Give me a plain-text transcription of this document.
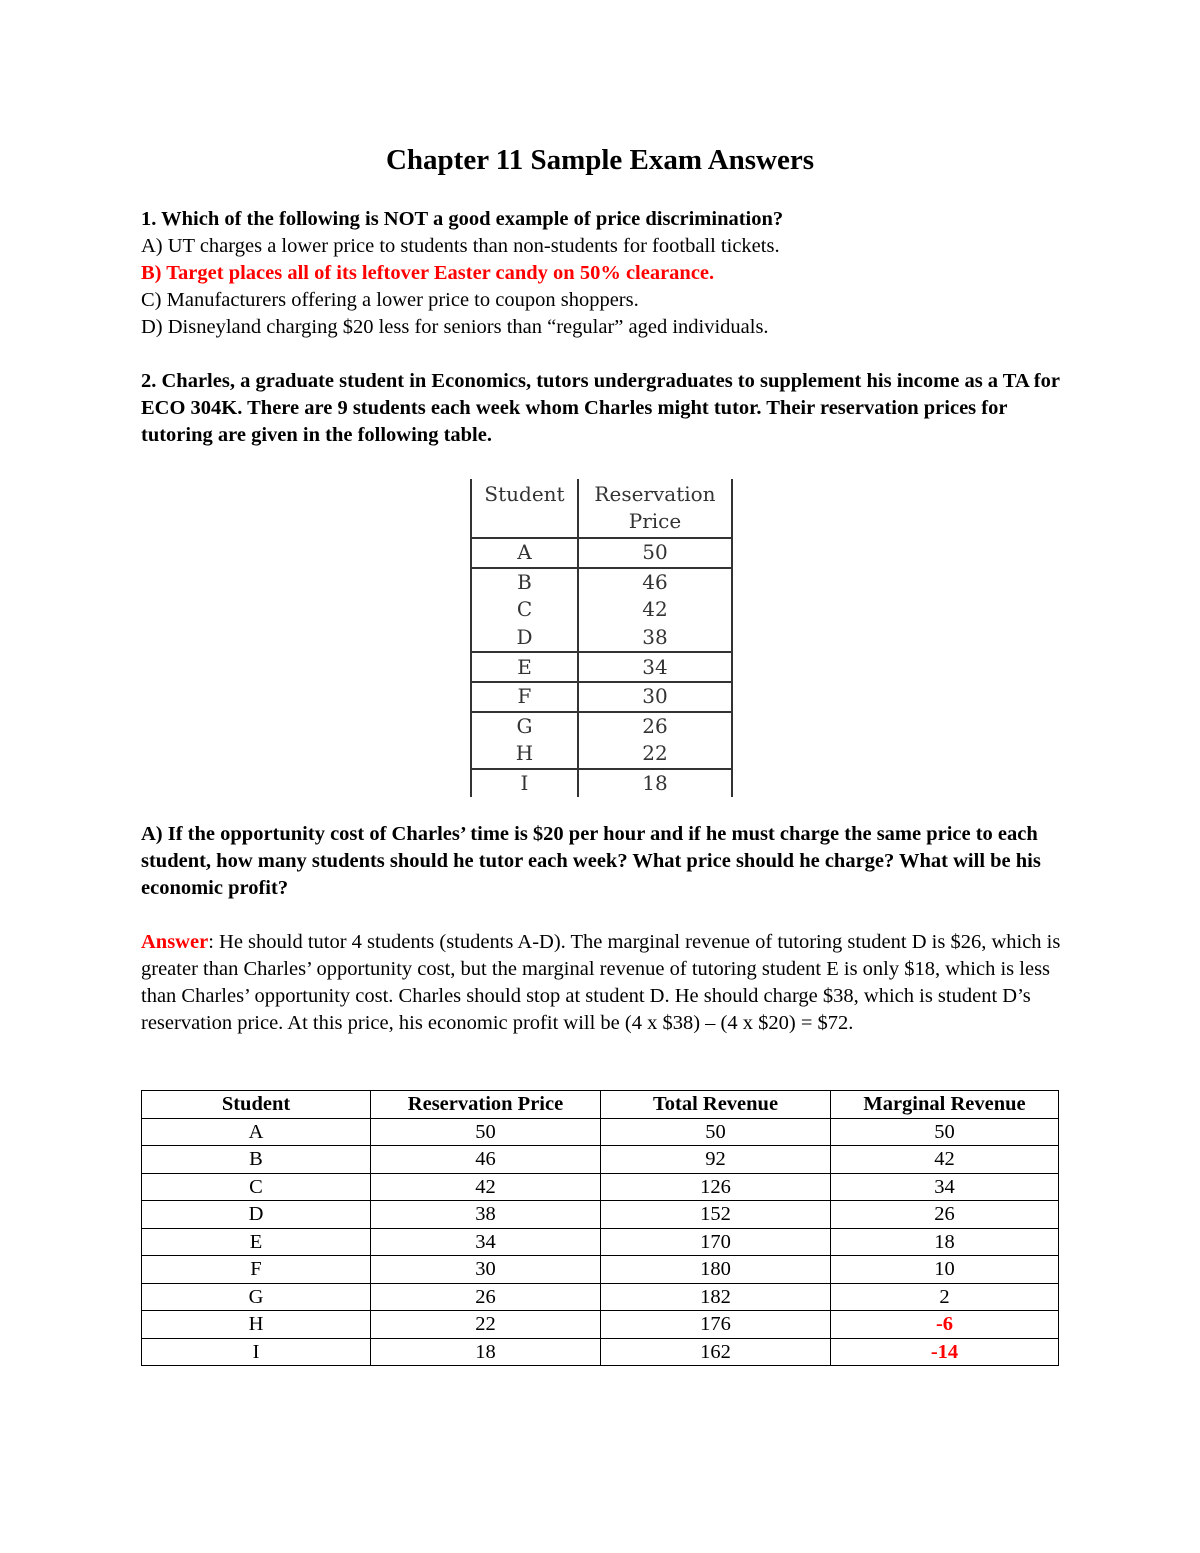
Chapter 11 Sample Exam Answers

1. Which of the following is NOT a good example of price discrimination?

A) UT charges a lower price to students than non-students for football tickets.

B) Target places all of its leftover Easter candy on 50% clearance.

C) Manufacturers offering a lower price to coupon shoppers.

D) Disneyland charging $20 less for seniors than “regular” aged individuals.

2. Charles, a graduate student in Economics, tutors undergraduates to supplement his income as a TA for ECO 304K. There are 9 students each week whom Charles might tutor. Their reservation prices for tutoring are given in the following table.

Student	Reservation
Price
A	50
B	46
C	42
D	38
E	34
F	30
G	26
H	22
I	18

A) If the opportunity cost of Charles’ time is $20 per hour and if he must charge the same price to each student, how many students should he tutor each week? What price should he charge? What will be his economic profit?

Answer: He should tutor 4 students (students A-D). The marginal revenue of tutoring student D is $26, which is greater than Charles’ opportunity cost, but the marginal revenue of tutoring student E is only $18, which is less than Charles’ opportunity cost. Charles should stop at student D. He should charge $38, which is student D’s reservation price. At this price, his economic profit will be (4 x $38) – (4 x $20) = $72.

Student	Reservation Price	Total Revenue	Marginal Revenue
A	50	50	50
B	46	92	42
C	42	126	34
D	38	152	26
E	34	170	18
F	30	180	10
G	26	182	2
H	22	176	-6
I	18	162	-14
